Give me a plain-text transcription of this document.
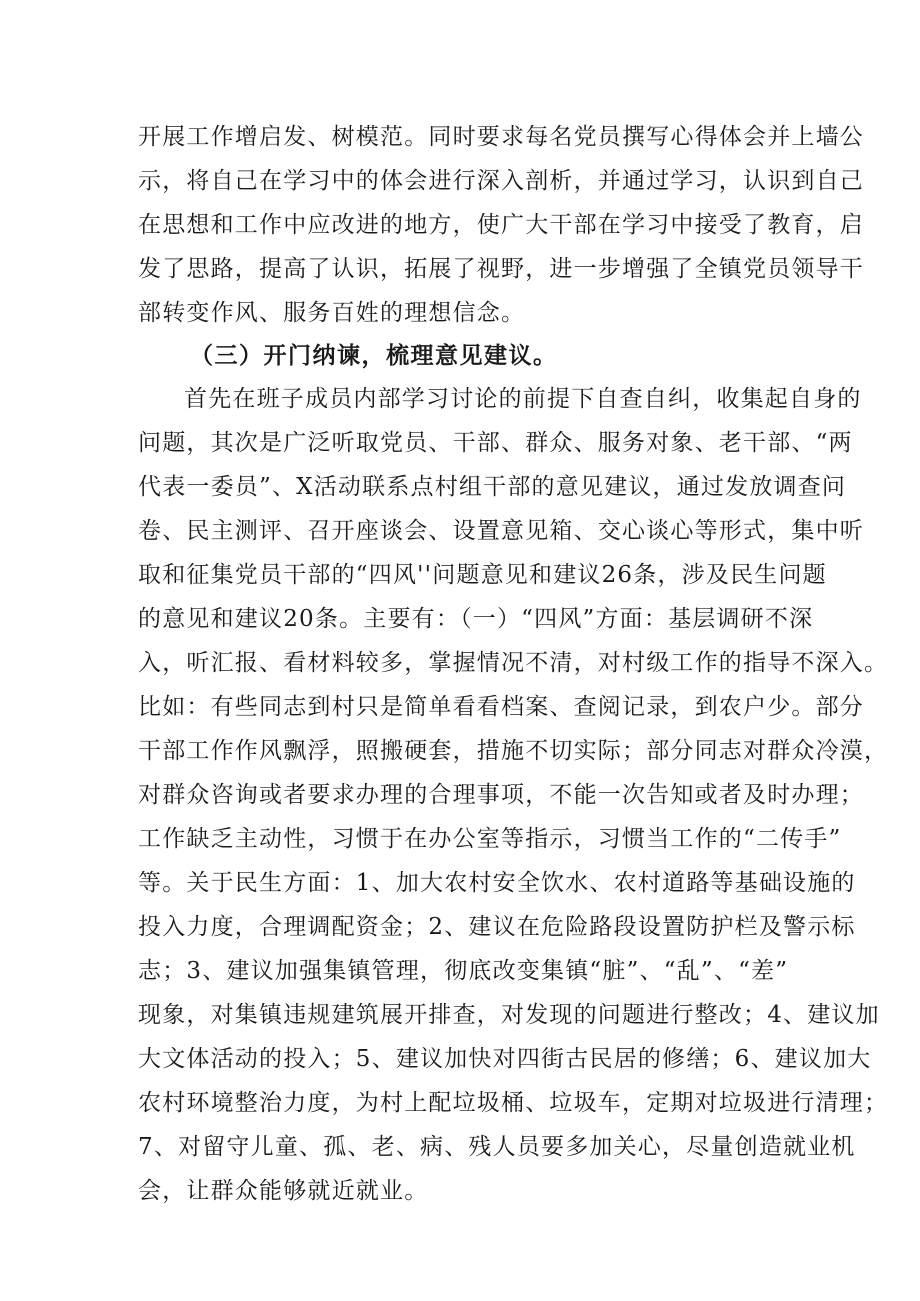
开展工作增启发、树模范。同时要求每名党员撰写心得体会并上墙公
示，将自己在学习中的体会进行深入剖析，并通过学习，认识到自己
在思想和工作中应改进的地方，使广大干部在学习中接受了教育，启
发了思路，提高了认识，拓展了视野，进一步增强了全镇党员领导干
部转变作风、服务百姓的理想信念。
（三）开门纳谏，梳理意见建议。
首先在班子成员内部学习讨论的前提下自查自纠，收集起自身的
问题，其次是广泛听取党员、干部、群众、服务对象、老干部、“两
代表一委员”、X活动联系点村组干部的意见建议，通过发放调查问
卷、民主测评、召开座谈会、设置意见箱、交心谈心等形式，集中听
取和征集党员干部的“四风''问题意见和建议26条，涉及民生问题
的意见和建议20条。主要有：（一）“四风”方面：基层调研不深
入，听汇报、看材料较多，掌握情况不清，对村级工作的指导不深入。
比如：有些同志到村只是简单看看档案、查阅记录，到农户少。部分
干部工作作风飘浮，照搬硬套，措施不切实际；部分同志对群众冷漠，
对群众咨询或者要求办理的合理事项，不能一次告知或者及时办理；
工作缺乏主动性，习惯于在办公室等指示，习惯当工作的“二传手”
等。关于民生方面：1、加大农村安全饮水、农村道路等基础设施的
投入力度，合理调配资金；2、建议在危险路段设置防护栏及警示标
志；3、建议加强集镇管理，彻底改变集镇“脏”、“乱”、“差”
现象，对集镇违规建筑展开排查，对发现的问题进行整改；4、建议加
大文体活动的投入；5、建议加快对四街古民居的修缮；6、建议加大
农村环境整治力度，为村上配垃圾桶、垃圾车，定期对垃圾进行清理；
7、对留守儿童、孤、老、病、残人员要多加关心，尽量创造就业机
会，让群众能够就近就业。
